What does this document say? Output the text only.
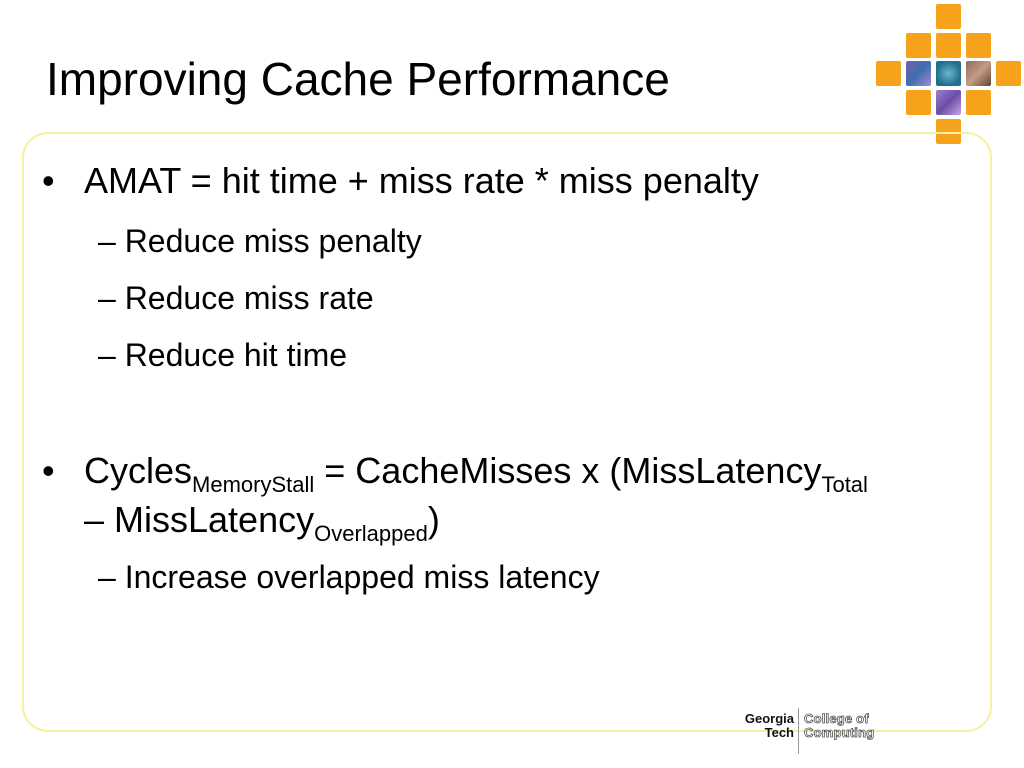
Improving Cache Performance
• AMAT = hit time + miss rate * miss penalty
– Reduce miss penalty
– Reduce miss rate
– Reduce hit time
• Cycles$_{MemoryStall}$ = CacheMisses x (MissLatency$_{Total}$
– MissLatency$_{Overlapped}$)
– Increase overlapped miss latency
Georgia
Tech
College of
Computing
